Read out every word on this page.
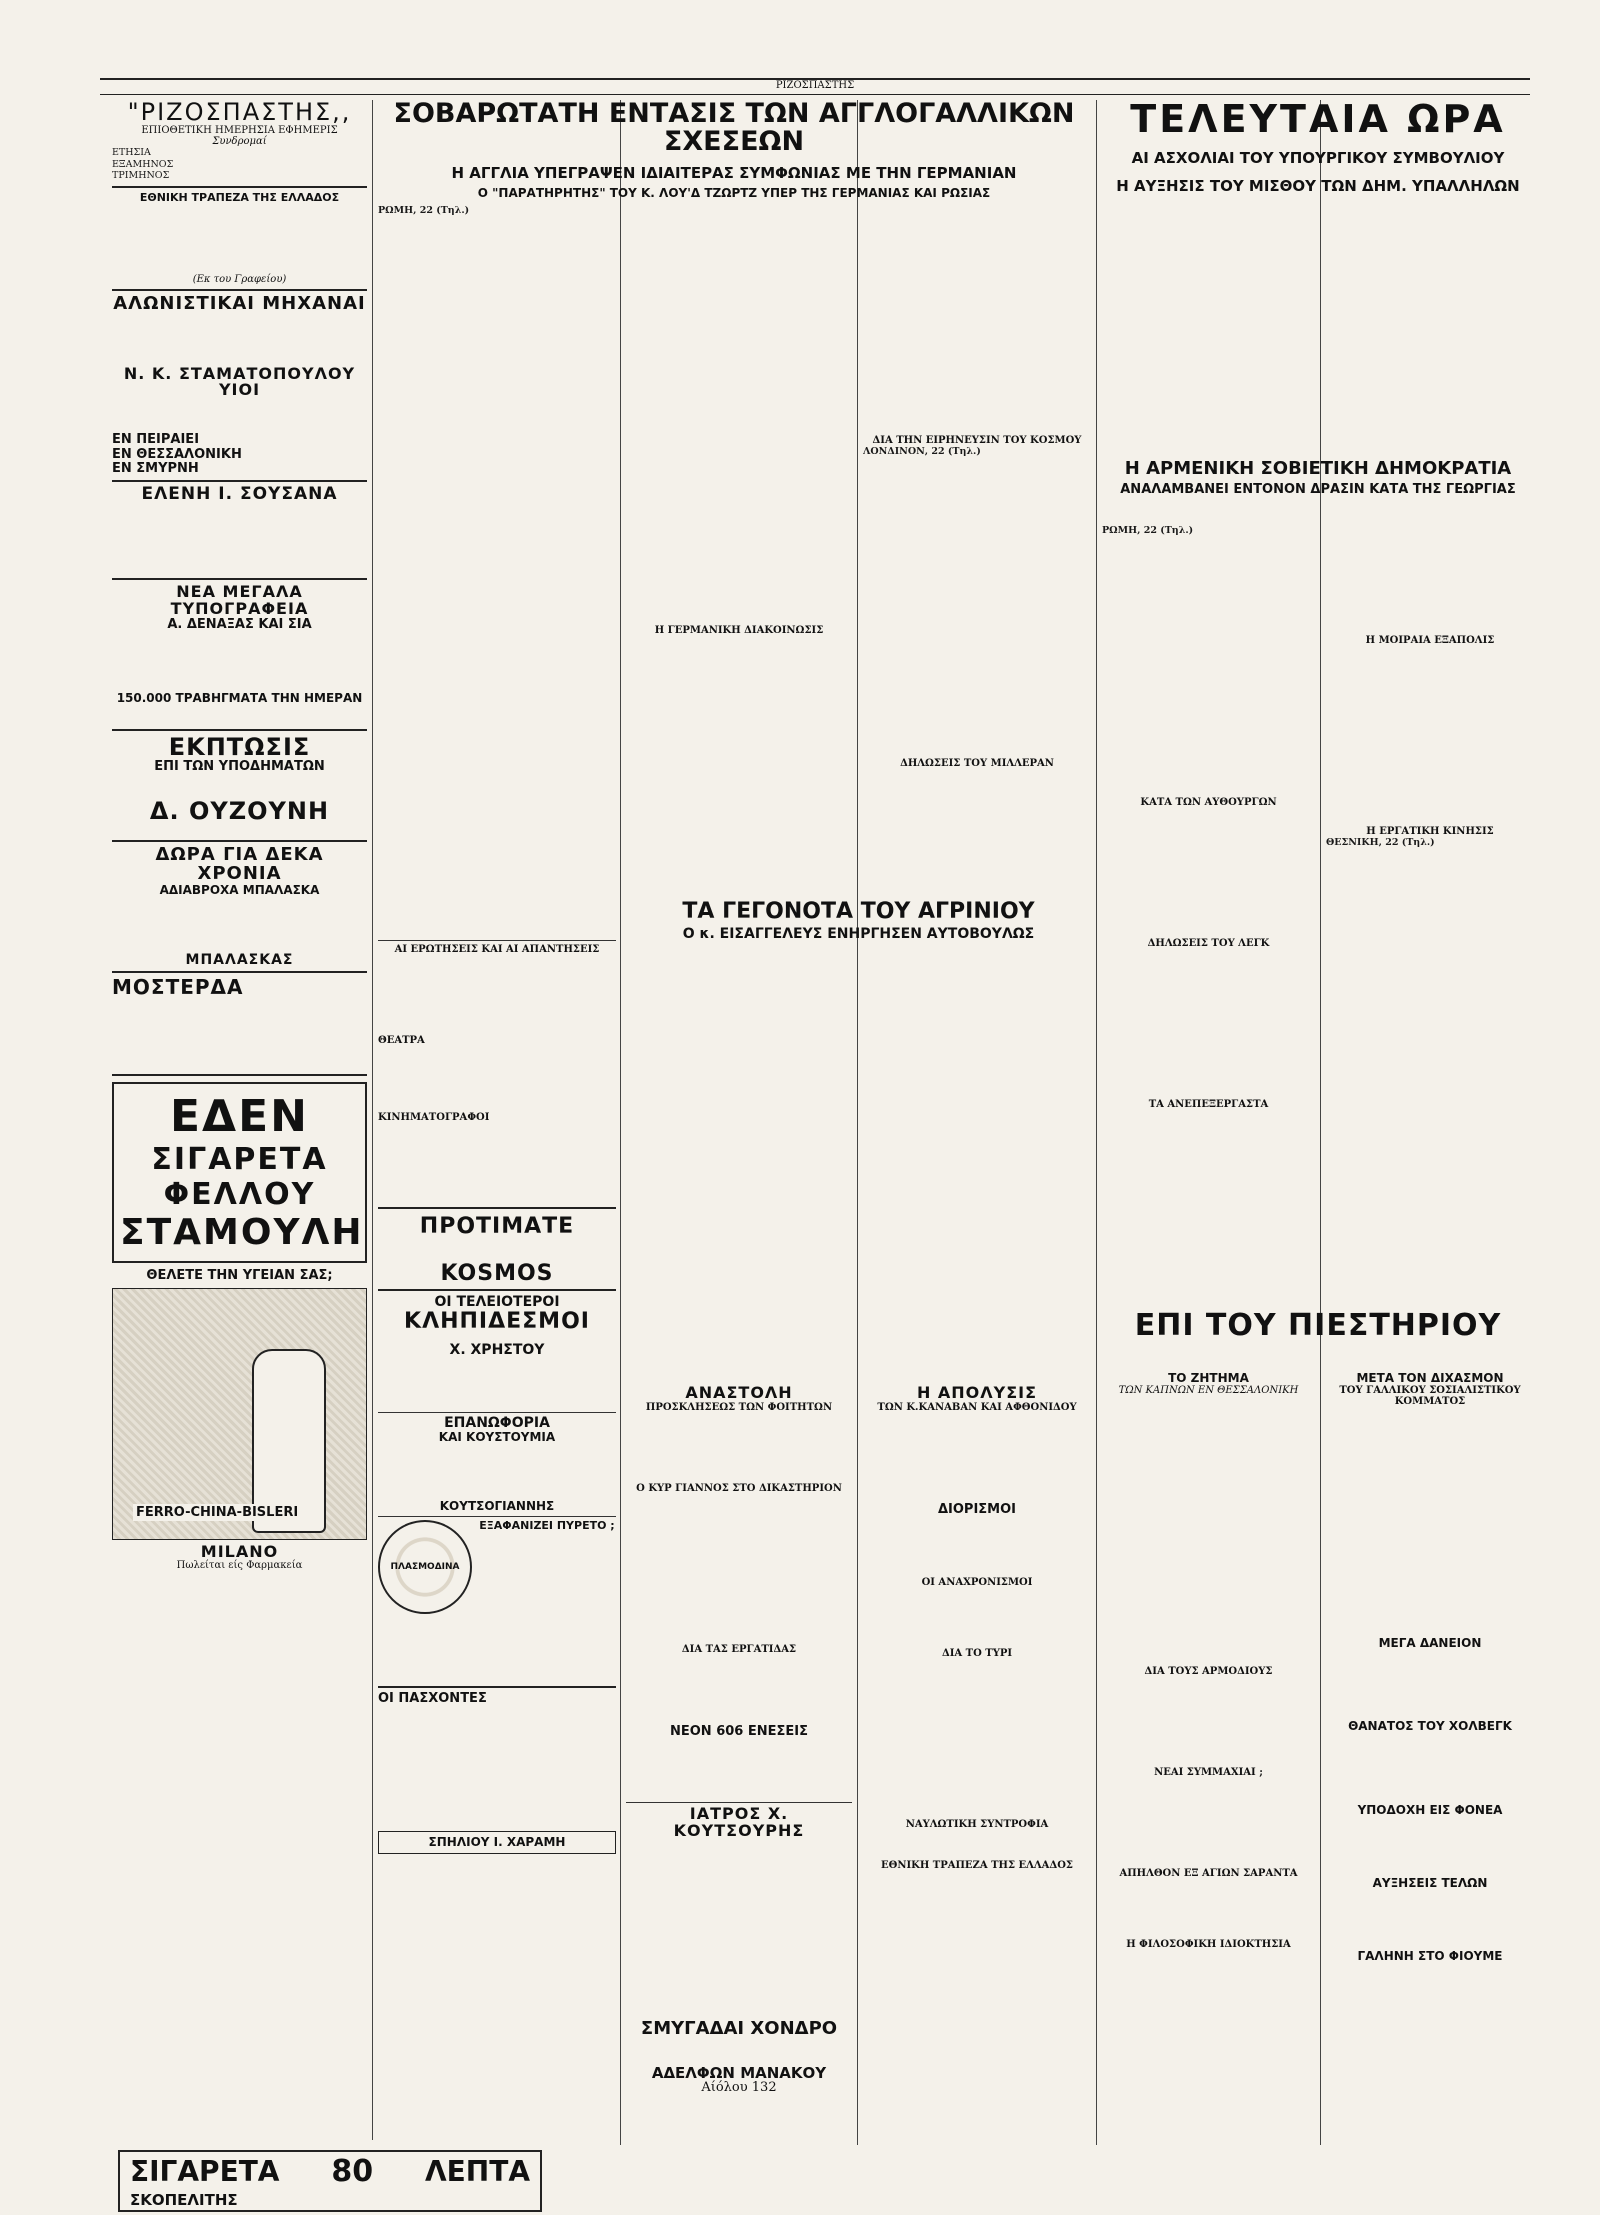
ΡΙΖΟΣΠΑΣΤΗΣ
"ΡΙΖΟΣΠΑΣΤΗΣ,,
ΕΠΙΟΘΕΤΙΚΗ ΗΜΕΡΗΣΙΑ ΕΦΗΜΕΡΙΣ
Συνδρομαί
ΕΤΗΣΙΑ
ΕΞΑΜΗΝΟΣ
ΤΡΙΜΗΝΟΣ
ΕΘΝΙΚΗ ΤΡΑΠΕΖΑ ΤΗΣ ΕΛΛΑΔΟΣ
(Εκ του Γραφείου)
ΑΛΩΝΙΣΤΙΚΑΙ ΜΗΧΑΝΑΙ
Ν. Κ. ΣΤΑΜΑΤΟΠΟΥΛΟΥ ΥΙΟΙ
ΕΝ ΠΕΙΡΑΙΕΙ
ΕΝ ΘΕΣΣΑΛΟΝΙΚΗ
ΕΝ ΣΜΥΡΝΗ
ΕΛΕΝΗ Ι. ΣΟΥΣΑΝΑ
ΝΕΑ ΜΕΓΑΛΑ ΤΥΠΟΓΡΑΦΕΙΑ
Α. ΔΕΝΑΞΑΣ ΚΑΙ ΣΙΑ
150.000 ΤΡΑΒΗΓΜΑΤΑ ΤΗΝ ΗΜΕΡΑΝ
ΕΚΠΤΩΣΙΣ
ΕΠΙ ΤΩΝ ΥΠΟΔΗΜΑΤΩΝ
Δ. ΟΥΖΟΥΝΗ
ΔΩΡΑ ΓΙΑ ΔΕΚΑ ΧΡΟΝΙΑ
ΑΔΙΑΒΡΟΧΑ ΜΠΑΛΑΣΚΑ
ΜΠΑΛΑΣΚΑΣ
ΜΟΣΤΕΡΔΑ
ΕΔΕΝ
ΣΙΓΑΡΕΤΑ
ΦΕΛΛΟΥ
ΣΤΑΜΟΥΛΗ
ΘΕΛΕΤΕ ΤΗΝ ΥΓΕΙΑΝ ΣΑΣ;
FERRO-CHINA-BISLERI
MILANO
Πωλείται είς Φαρμακεία
ΣΟΒΑΡΩΤΑΤΗ ΕΝΤΑΣΙΣ ΤΩΝ ΑΓΓΛΟΓΑΛΛΙΚΩΝ ΣΧΕΣΕΩΝ
Η ΑΓΓΛΙΑ ΥΠΕΓΡΑΨΕΝ ΙΔΙΑΙΤΕΡΑΣ ΣΥΜΦΩΝΙΑΣ ΜΕ ΤΗΝ ΓΕΡΜΑΝΙΑΝ
Ο "ΠΑΡΑΤΗΡΗΤΗΣ" ΤΟΥ Κ. ΛΟΥ'Δ ΤΖΩΡΤΖ ΥΠΕΡ ΤΗΣ ΓΕΡΜΑΝΙΑΣ ΚΑΙ ΡΩΣΙΑΣ
ΡΩΜΗ, 22 (Τηλ.)
ΑΙ ΕΡΩΤΗΣΕΙΣ ΚΑΙ ΑΙ ΑΠΑΝΤΗΣΕΙΣ
ΘΕΑΤΡΑ
ΚΙΝΗΜΑΤΟΓΡΑΦΟΙ
ΠΡΟΤΙΜΑΤΕ
KOSMOS
ΟΙ ΤΕΛΕΙΟΤΕΡΟΙ
ΚΛΗΠΙΔΕΣΜΟΙ
Χ. ΧΡΗΣΤΟΥ
ΕΠΑΝΩΦΟΡΙΑ
ΚΑΙ ΚΟΥΣΤΟΥΜΙΑ
ΚΟΥΤΣΟΓΙΑΝΝΗΣ
ΠΛΑΣΜΟΔΙΝΑ
ΕΞΑΦΑΝΙΖΕΙ ΠΥΡΕΤΟ ;
ΟΙ ΠΑΣΧΟΝΤΕΣ
ΣΠΗΛΙΟΥ Ι. ΧΑΡΑΜΗ
Η ΓΕΡΜΑΝΙΚΗ ΔΙΑΚΟΙΝΩΣΙΣ
ΔΙΑ ΤΗΝ ΕΙΡΗΝΕΥΣΙΝ ΤΟΥ ΚΟΣΜΟΥ
ΛΟΝΔΙΝΟΝ, 22 (Τηλ.)
ΔΗΛΩΣΕΙΣ ΤΟΥ ΜΙΛΛΕΡΑΝ
ΤΑ ΓΕΓΟΝΟΤΑ ΤΟΥ ΑΓΡΙΝΙΟΥ
Ο κ. ΕΙΣΑΓΓΕΛΕΥΣ ΕΝΗΡΓΗΣΕΝ ΑΥΤΟΒΟΥΛΩΣ
ΑΝΑΣΤΟΛΗ
ΠΡΟΣΚΛΗΣΕΩΣ ΤΩΝ ΦΟΙΤΗΤΩΝ
Ο ΚΥΡ ΓΙΑΝΝΟΣ ΣΤΟ ΔΙΚΑΣΤΗΡΙΟΝ
ΔΙΑ ΤΑΣ ΕΡΓΑΤΙΔΑΣ
ΝΕΟΝ 606 ΕΝΕΣΕΙΣ
ΙΑΤΡΟΣ Χ. ΚΟΥΤΣΟΥΡΗΣ
Η ΑΠΟΛΥΣΙΣ
ΤΩΝ Κ.ΚΑΝΑΒΑΝ ΚΑΙ ΑΦΘΟΝΙΔΟΥ
ΔΙΟΡΙΣΜΟΙ
ΟΙ ΑΝΑΧΡΟΝΙΣΜΟΙ
ΔΙΑ ΤΟ ΤΥΡΙ
ΝΑΥΛΩΤΙΚΗ ΣΥΝΤΡΟΦΙΑ
ΕΘΝΙΚΗ ΤΡΑΠΕΖΑ ΤΗΣ ΕΛΛΑΔΟΣ
ΣΜΥΓΑΔΑΙ ΧΟΝΔΡΟ
ΑΔΕΛΦΩΝ ΜΑΝΑΚΟΥ
Αίόλου 132
ΤΕΛΕΥΤΑΙΑ ΩΡΑ
ΑΙ ΑΣΧΟΛΙΑΙ ΤΟΥ ΥΠΟΥΡΓΙΚΟΥ ΣΥΜΒΟΥΛΙΟΥ
Η ΑΥΞΗΣΙΣ ΤΟΥ ΜΙΣΘΟΥ ΤΩΝ ΔΗΜ. ΥΠΑΛΛΗΛΩΝ
Η ΑΡΜΕΝΙΚΗ ΣΟΒΙΕΤΙΚΗ ΔΗΜΟΚΡΑΤΙΑ
ΑΝΑΛΑΜΒΑΝΕΙ ΕΝΤΟΝΟΝ ΔΡΑΣΙΝ ΚΑΤΑ ΤΗΣ ΓΕΩΡΓΙΑΣ
ΡΩΜΗ, 22 (Τηλ.)
ΚΑΤΑ ΤΩΝ ΑΥΘΟΥΡΓΩΝ
ΔΗΛΩΣΕΙΣ ΤΟΥ ΛΕΓΚ
ΤΑ ΑΝΕΠΕΞΕΡΓΑΣΤΑ
Η ΜΟΙΡΑΙΑ ΕΞΑΠΟΛΙΣ
Η ΕΡΓΑΤΙΚΗ ΚΙΝΗΣΙΣ
ΘΕΣΝΙΚΗ, 22 (Τηλ.)
ΕΠΙ ΤΟΥ ΠΙΕΣΤΗΡΙΟΥ
ΤΟ ΖΗΤΗΜΑ
ΤΩΝ ΚΑΠΝΩΝ ΕΝ ΘΕΣΣΑΛΟΝΙΚΗ
ΔΙΑ ΤΟΥΣ ΑΡΜΟΔΙΟΥΣ
ΝΕΑΙ ΣΥΜΜΑΧΙΑΙ ;
ΑΠΗΛΘΟΝ ΕΞ ΑΓΙΩΝ ΣΑΡΑΝΤΑ
Η ΦΙΛΟΣΟΦΙΚΗ ΙΔΙΟΚΤΗΣΙΑ
ΜΕΤΑ ΤΟΝ ΔΙΧΑΣΜΟΝ
ΤΟΥ ΓΑΛΛΙΚΟΥ ΣΟΣΙΑΛΙΣΤΙΚΟΥ ΚΟΜΜΑΤΟΣ
ΜΕΓΑ ΔΑΝΕΙΟΝ
ΘΑΝΑΤΟΣ ΤΟΥ ΧΟΛΒΕΓΚ
ΥΠΟΔΟΧΗ ΕΙΣ ΦΟΝΕΑ
ΑΥΞΗΣΕΙΣ ΤΕΛΩΝ
ΓΑΛΗΝΗ ΣΤΟ ΦΙΟΥΜΕ
ΣΙΓΑΡΕΤΑ 80 ΛΕΠΤΑ
ΣΚΟΠΕΛΙΤΗΣ
